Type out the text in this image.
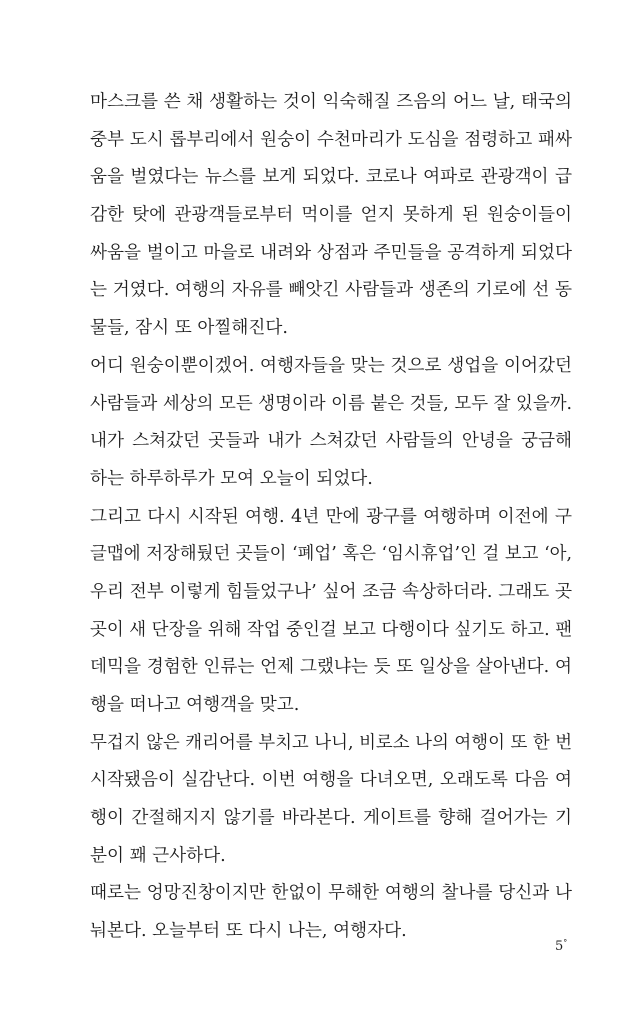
마스크를 쓴 채 생활하는 것이 익숙해질 즈음의 어느 날, 태국의
중부 도시 롭부리에서 원숭이 수천마리가 도심을 점령하고 패싸
움을 벌였다는 뉴스를 보게 되었다. 코로나 여파로 관광객이 급
감한 탓에 관광객들로부터 먹이를 얻지 못하게 된 원숭이들이
싸움을 벌이고 마을로 내려와 상점과 주민들을 공격하게 되었다
는 거였다. 여행의 자유를 빼앗긴 사람들과 생존의 기로에 선 동
물들, 잠시 또 아찔해진다.
어디 원숭이뿐이겠어. 여행자들을 맞는 것으로 생업을 이어갔던
사람들과 세상의 모든 생명이라 이름 붙은 것들, 모두 잘 있을까.
내가 스쳐갔던 곳들과 내가 스쳐갔던 사람들의 안녕을 궁금해
하는 하루하루가 모여 오늘이 되었다.
그리고 다시 시작된 여행. 4년 만에 광구를 여행하며 이전에 구
글맵에 저장해뒀던 곳들이 ‘폐업’ 혹은 ‘임시휴업’인 걸 보고 ‘아,
우리 전부 이렇게 힘들었구나’ 싶어 조금 속상하더라. 그래도 곳
곳이 새 단장을 위해 작업 중인걸 보고 다행이다 싶기도 하고. 팬
데믹을 경험한 인류는 언제 그랬냐는 듯 또 일상을 살아낸다. 여
행을 떠나고 여행객을 맞고.
무겁지 않은 캐리어를 부치고 나니, 비로소 나의 여행이 또 한 번
시작됐음이 실감난다. 이번 여행을 다녀오면, 오래도록 다음 여
행이 간절해지지 않기를 바라본다. 게이트를 향해 걸어가는 기
분이 꽤 근사하다.
때로는 엉망진창이지만 한없이 무해한 여행의 찰나를 당신과 나
눠본다. 오늘부터 또 다시 나는, 여행자다.
5°
